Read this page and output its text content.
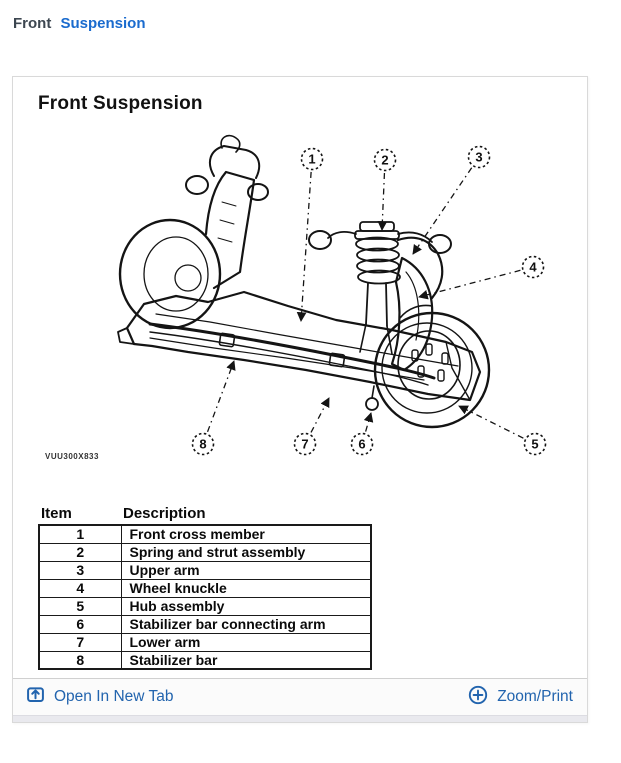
Front Suspension
Front Suspension
1	2	3
4
5
6
7
8
VUU300X833
Item	Description
1	Front cross member
2	Spring and strut assembly
3	Upper arm
4	Wheel knuckle
5	Hub assembly
6	Stabilizer bar connecting arm
7	Lower arm
8	Stabilizer bar
Open In New Tab	Zoom/Print
